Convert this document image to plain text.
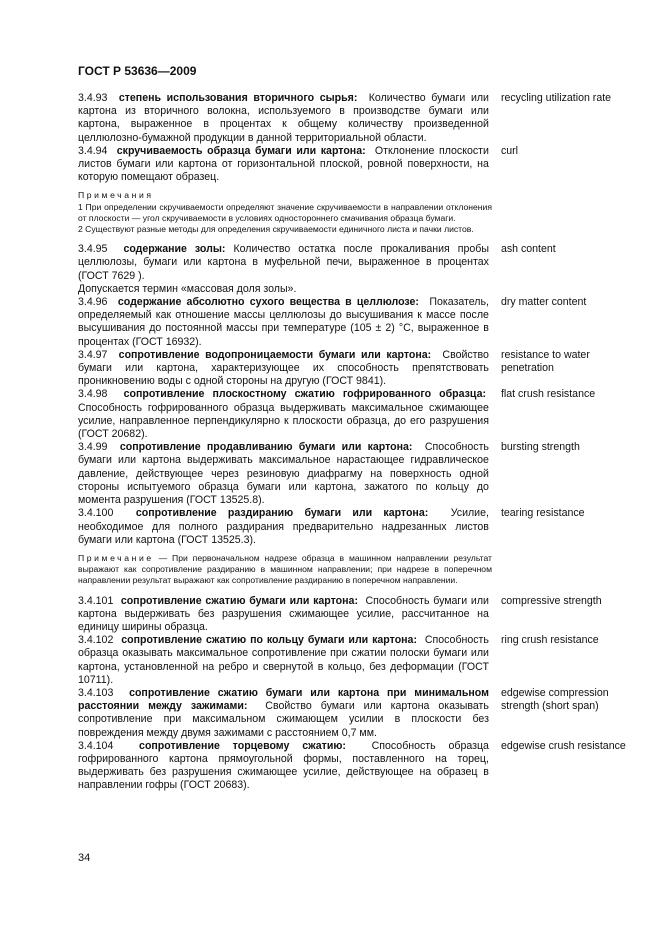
ГОСТ Р 53636—2009
3.4.93 степень использования вторичного сырья: Количество бумаги или картона из вторичного волокна, используемого в производстве бумаги или картона, выраженное в процентах к общему количеству произведенной целлюлозно-бумажной продукции в данной территориальной области.
recycling utilization rate
3.4.94 скручиваемость образца бумаги или картона: Отклонение плоскости листов бумаги или картона от горизонтальной плоской, ровной поверхности, на которую помещают образец.
curl

Примечания

1 При определении скручиваемости определяют значение скручиваемости в направлении отклонения от плоскости — угол скручиваемости в условиях одностороннего смачивания образца бумаги.

2 Существуют разные методы для определения скручиваемости единичного листа и пачки листов.

3.4.95 содержание золы: Количество остатка после прокаливания пробы целлюлозы, бумаги или картона в муфельной печи, выраженное в процентах (ГОСТ 7629 ).
ash content
Допускается термин «массовая доля золы».
3.4.96 содержание абсолютно сухого вещества в целлюлозе: Показатель, определяемый как отношение массы целлюлозы до высушивания к массе после высушивания до постоянной массы при температуре (105 ± 2) °С, выраженное в процентах (ГОСТ 16932).
dry matter content
3.4.97 сопротивление водопроницаемости бумаги или картона: Свойство бумаги или картона, характеризующее их способность препятствовать проникновению воды с одной стороны на другую (ГОСТ 9841).
resistance to water penetration
3.4.98 сопротивление плоскостному сжатию гофрированного образца:  Способность гофрированного образца выдерживать максимальное сжимающее усилие, направленное перпендикулярно к плоскости образца, до его разрушения (ГОСТ 20682).
flat crush resistance
3.4.99 сопротивление продавливанию бумаги или картона: Способность бумаги или картона выдерживать максимальное нарастающее гидравлическое давление, действующее через резиновую диафрагму на поверхность одной стороны испытуемого образца бумаги или картона, зажатого по кольцу до момента разрушения (ГОСТ 13525.8).
bursting strength
3.4.100 сопротивление раздиранию бумаги или картона: Усилие, необходимое для полного раздирания предварительно надрезанных листов бумаги или картона (ГОСТ 13525.3).
tearing resistance

Примечание — При первоначальном надрезе образца в машинном направлении результат выражают как сопротивление раздиранию в машинном направлении; при надрезе в поперечном направлении результат выражают как сопротивление раздиранию в поперечном направлении.

3.4.101 сопротивление сжатию бумаги или картона: Способность бумаги или картона выдерживать без разрушения сжимающее усилие, рассчитанное на единицу ширины образца.
compressive strength
3.4.102 сопротивление сжатию по кольцу бумаги или картона: Способность образца оказывать максимальное сопротивление при сжатии полоски бумаги или картона, установленной на ребро и свернутой в кольцо, без деформации (ГОСТ 10711).
ring crush resistance
3.4.103 сопротивление сжатию бумаги или картона при минимальном расстоянии между зажимами: Свойство бумаги или картона оказывать сопротивление при максимальном сжимающем усилии в плоскости без повреждения между двумя зажимами с расстоянием 0,7 мм.
edgewise compression strength (short span)
3.4.104 сопротивление торцевому сжатию: Способность образца гофрированного картона прямоугольной формы, поставленного на торец, выдерживать без разрушения сжимающее усилие, действующее на образец в направлении гофры (ГОСТ 20683).
edgewise crush resistance
34
